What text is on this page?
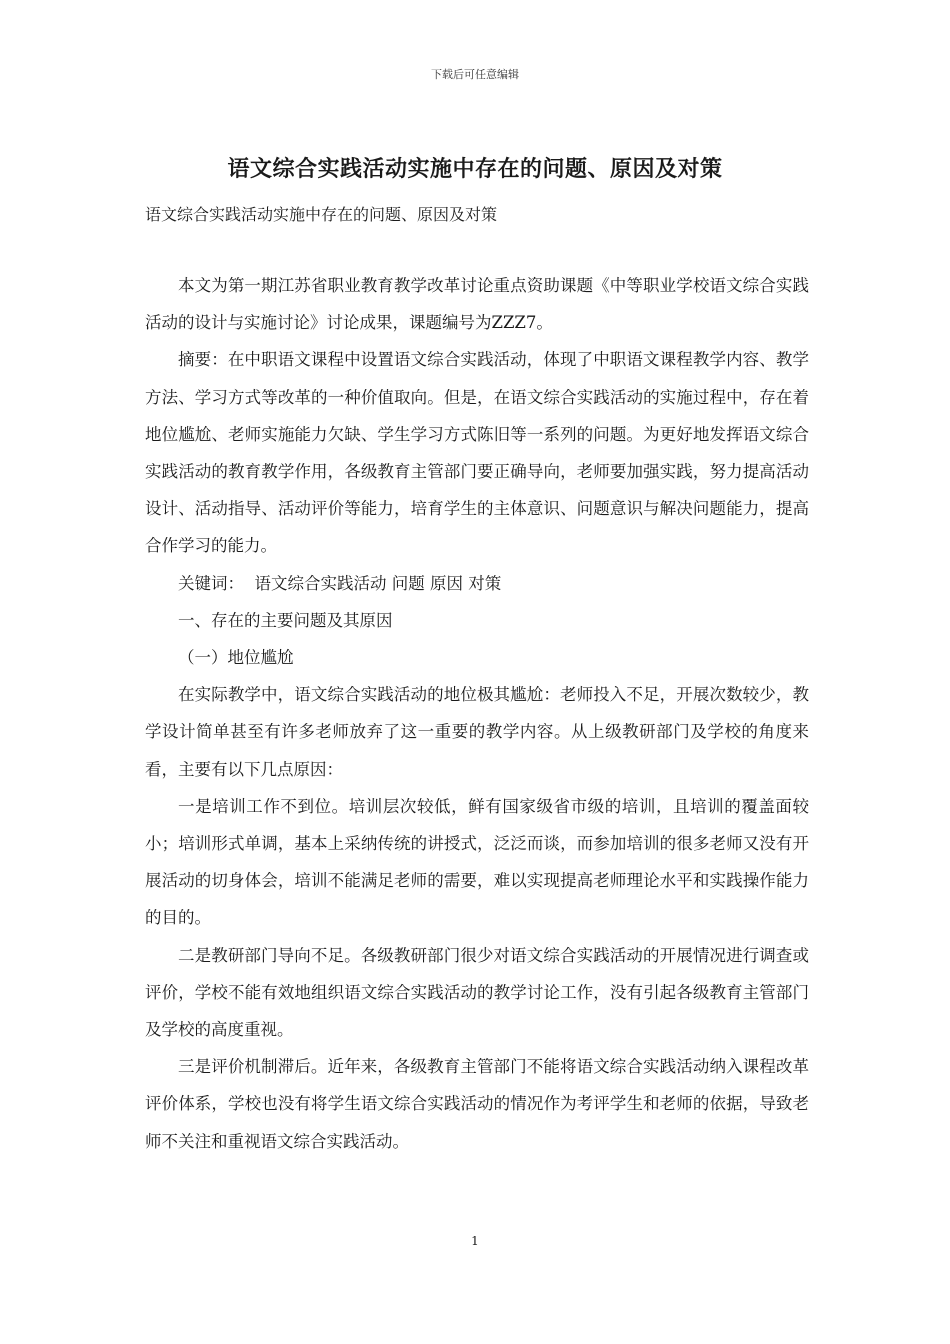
下载后可任意编辑
语文综合实践活动实施中存在的问题、原因及对策
语文综合实践活动实施中存在的问题、原因及对策

本文为第一期江苏省职业教育教学改革讨论重点资助课题《中等职业学校语文综合实践活动的设计与实施讨论》讨论成果，课题编号为ZZZ7。

摘要：在中职语文课程中设置语文综合实践活动，体现了中职语文课程教学内容、教学方法、学习方式等改革的一种价值取向。但是，在语文综合实践活动的实施过程中，存在着地位尴尬、老师实施能力欠缺、学生学习方式陈旧等一系列的问题。为更好地发挥语文综合实践活动的教育教学作用，各级教育主管部门要正确导向，老师要加强实践，努力提高活动设计、活动指导、活动评价等能力，培育学生的主体意识、问题意识与解决问题能力，提高合作学习的能力。

关键词：  语文综合实践活动 问题 原因 对策

一、存在的主要问题及其原因

（一）地位尴尬

在实际教学中，语文综合实践活动的地位极其尴尬：老师投入不足，开展次数较少，教学设计简单甚至有许多老师放弃了这一重要的教学内容。从上级教研部门及学校的角度来看，主要有以下几点原因：

一是培训工作不到位。培训层次较低，鲜有国家级省市级的培训，且培训的覆盖面较小；培训形式单调，基本上采纳传统的讲授式，泛泛而谈，而参加培训的很多老师又没有开展活动的切身体会，培训不能满足老师的需要，难以实现提高老师理论水平和实践操作能力的目的。

二是教研部门导向不足。各级教研部门很少对语文综合实践活动的开展情况进行调查或评价，学校不能有效地组织语文综合实践活动的教学讨论工作，没有引起各级教育主管部门及学校的高度重视。

三是评价机制滞后。近年来，各级教育主管部门不能将语文综合实践活动纳入课程改革评价体系，学校也没有将学生语文综合实践活动的情况作为考评学生和老师的依据，导致老师不关注和重视语文综合实践活动。

1
